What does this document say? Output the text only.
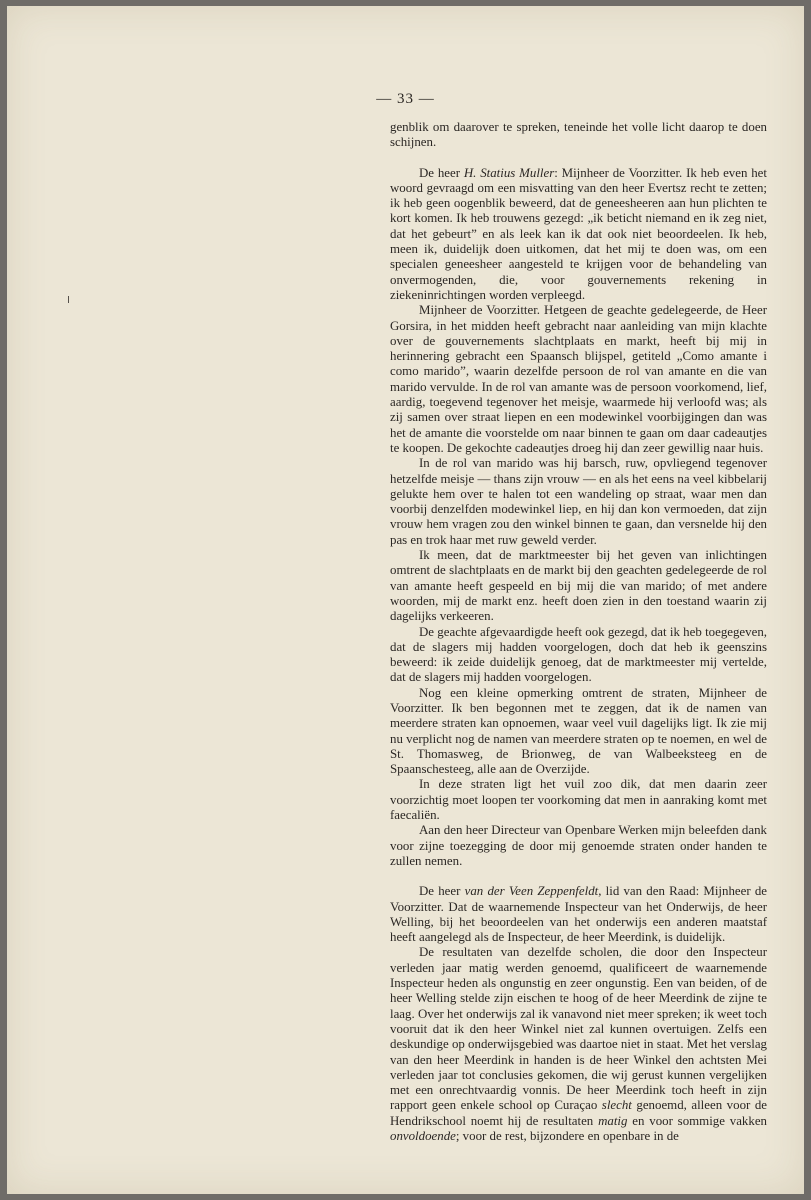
— 33 —

genblik om daarover te spreken, teneinde het volle licht daarop te doen schijnen.

De heer H. Statius Muller: Mijnheer de Voorzitter. Ik heb even het woord gevraagd om een misvatting van den heer Evertsz recht te zetten; ik heb geen oogenblik beweerd, dat de geneesheeren aan hun plichten te kort komen. Ik heb trouwens gezegd: „ik beticht niemand en ik zeg niet, dat het gebeurt” en als leek kan ik dat ook niet beoordeelen. Ik heb, meen ik, duidelijk doen uitkomen, dat het mij te doen was, om een specialen geneesheer aangesteld te krijgen voor de behandeling van onvermogenden, die, voor gouvernements rekening in ziekeninrichtingen worden verpleegd.

Mijnheer de Voorzitter. Hetgeen de geachte gedelegeerde, de Heer Gorsira, in het midden heeft gebracht naar aanleiding van mijn klachte over de gouvernements slachtplaats en markt, heeft bij mij in herinnering gebracht een Spaansch blijspel, getiteld „Como amante i como marido”, waarin dezelfde persoon de rol van amante en die van marido vervulde. In de rol van amante was de persoon voorkomend, lief, aardig, toegevend tegenover het meisje, waarmede hij verloofd was; als zij samen over straat liepen en een modewinkel voorbijgingen dan was het de amante die voorstelde om naar binnen te gaan om daar cadeautjes te koopen. De gekochte cadeautjes droeg hij dan zeer gewillig naar huis.

In de rol van marido was hij barsch, ruw, opvliegend tegenover hetzelfde meisje — thans zijn vrouw — en als het eens na veel kibbelarij gelukte hem over te halen tot een wandeling op straat, waar men dan voorbij denzelfden modewinkel liep, en hij dan kon vermoeden, dat zijn vrouw hem vragen zou den winkel binnen te gaan, dan versnelde hij den pas en trok haar met ruw geweld verder.

Ik meen, dat de marktmeester bij het geven van inlichtingen omtrent de slachtplaats en de markt bij den geachten gedelegeerde de rol van amante heeft gespeeld en bij mij die van marido; of met andere woorden, mij de markt enz. heeft doen zien in den toestand waarin zij dagelijks verkeeren.

De geachte afgevaardigde heeft ook gezegd, dat ik heb toegegeven, dat de slagers mij hadden voorgelogen, doch dat heb ik geenszins beweerd: ik zeide duidelijk genoeg, dat de marktmeester mij vertelde, dat de slagers mij hadden voorgelogen.

Nog een kleine opmerking omtrent de straten, Mijnheer de Voorzitter. Ik ben begonnen met te zeggen, dat ik de namen van meerdere straten kan opnoemen, waar veel vuil dagelijks ligt. Ik zie mij nu verplicht nog de namen van meerdere straten op te noemen, en wel de St. Thomasweg, de Brionweg, de van Walbeeksteeg en de Spaanschesteeg, alle aan de Overzijde.

In deze straten ligt het vuil zoo dik, dat men daarin zeer voorzichtig moet loopen ter voorkoming dat men in aanraking komt met faecaliën.

Aan den heer Directeur van Openbare Werken mijn beleefden dank voor zijne toezegging de door mij genoemde straten onder handen te zullen nemen.

De heer van der Veen Zeppenfeldt, lid van den Raad: Mijnheer de Voorzitter. Dat de waarnemende Inspecteur van het Onderwijs, de heer Welling, bij het beoordeelen van het onderwijs een anderen maatstaf heeft aangelegd als de Inspecteur, de heer Meerdink, is duidelijk.

De resultaten van dezelfde scholen, die door den Inspecteur verleden jaar matig werden genoemd, qualificeert de waarnemende Inspecteur heden als ongunstig en zeer ongunstig. Een van beiden, of de heer Welling stelde zijn eischen te hoog of de heer Meerdink de zijne te laag. Over het onderwijs zal ik vanavond niet meer spreken; ik weet toch vooruit dat ik den heer Winkel niet zal kunnen overtuigen. Zelfs een deskundige op onderwijsgebied was daartoe niet in staat. Met het verslag van den heer Meerdink in handen is de heer Winkel den achtsten Mei verleden jaar tot conclusies gekomen, die wij gerust kunnen vergelijken met een onrechtvaardig vonnis. De heer Meerdink toch heeft in zijn rapport geen enkele school op Curaçao slecht genoemd, alleen voor de Hendrikschool noemt hij de resultaten matig en voor sommige vakken onvoldoende; voor de rest, bijzondere en openbare in de
